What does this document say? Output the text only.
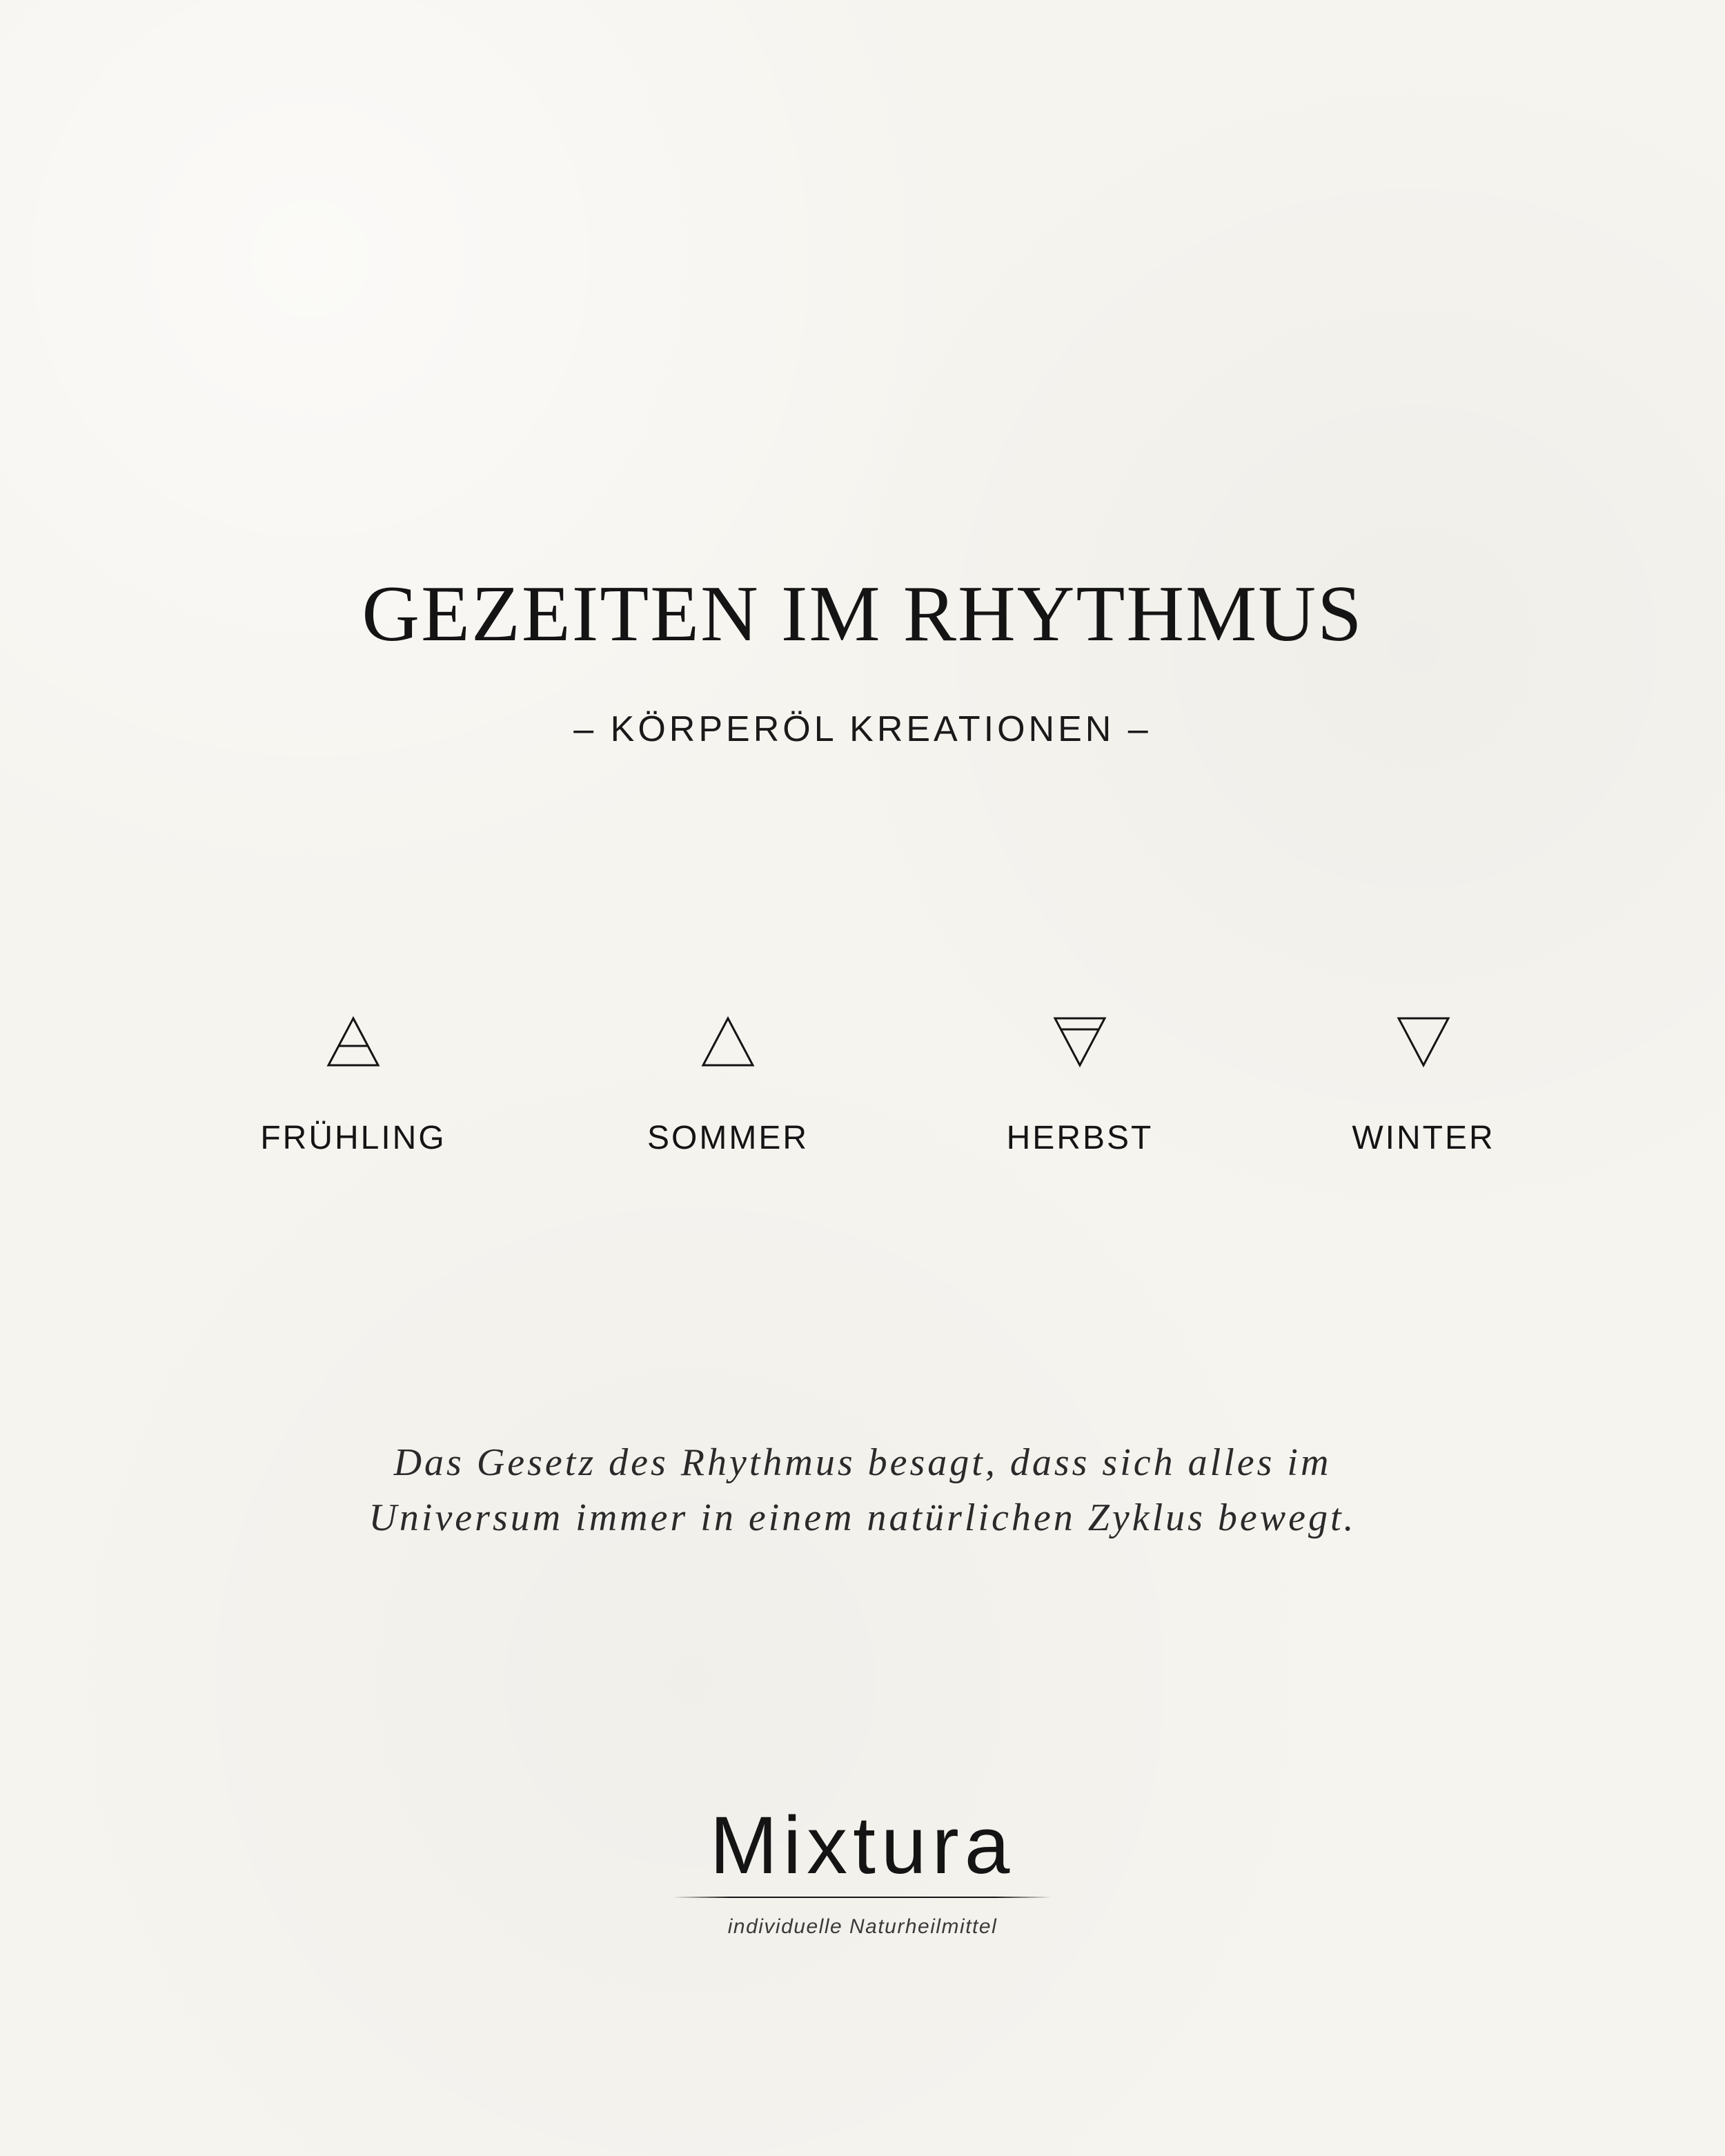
GEZEITEN IM RHYTHMUS
– KÖRPERÖL KREATIONEN –
FRÜHLING	SOMMER	HERBST	WINTER
Das Gesetz des Rhythmus besagt, dass sich alles im
Universum immer in einem natürlichen Zyklus bewegt.
Mixtura
individuelle Naturheilmittel
